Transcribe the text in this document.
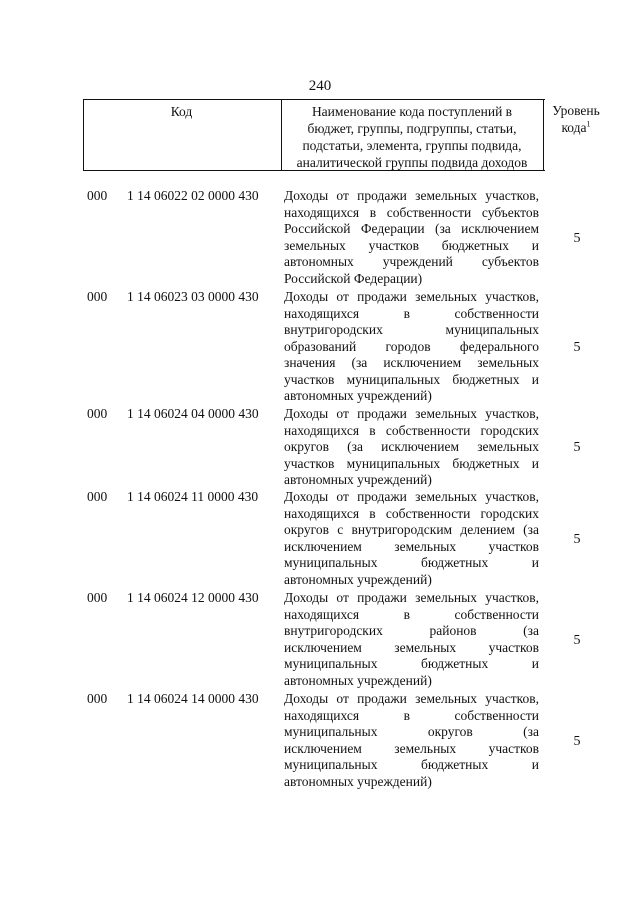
240
Код	Наименование кода поступлений в
бюджет, группы, подгруппы, статьи,
подстатьи, элемента, группы подвида,
аналитической группы подвида доходов
Уровень
кода$^1$
000 1 14 06022 02 0000 430 Доходы от продажи земельных участков,
находящихся в собственности субъектов
Российской Федерации (за исключением
земельных участков бюджетных и
автономных учреждений субъектов
Российской Федерации)
5
000 1 14 06023 03 0000 430 Доходы от продажи земельных участков,
находящихся в собственности
внутригородских муниципальных
образований городов федерального
значения (за исключением земельных
участков муниципальных бюджетных и
автономных учреждений)
5
000 1 14 06024 04 0000 430 Доходы от продажи земельных участков,
находящихся в собственности городских
округов (за исключением земельных
участков муниципальных бюджетных и
автономных учреждений)
5
000 1 14 06024 11 0000 430 Доходы от продажи земельных участков,
находящихся в собственности городских
округов с внутригородским делением (за
исключением земельных участков
муниципальных бюджетных и
автономных учреждений)
5
000 1 14 06024 12 0000 430 Доходы от продажи земельных участков,
находящихся в собственности
внутригородских районов (за
исключением земельных участков
муниципальных бюджетных и
автономных учреждений)
5
000 1 14 06024 14 0000 430 Доходы от продажи земельных участков,
находящихся в собственности
муниципальных округов (за
исключением земельных участков
муниципальных бюджетных и
автономных учреждений)
5
